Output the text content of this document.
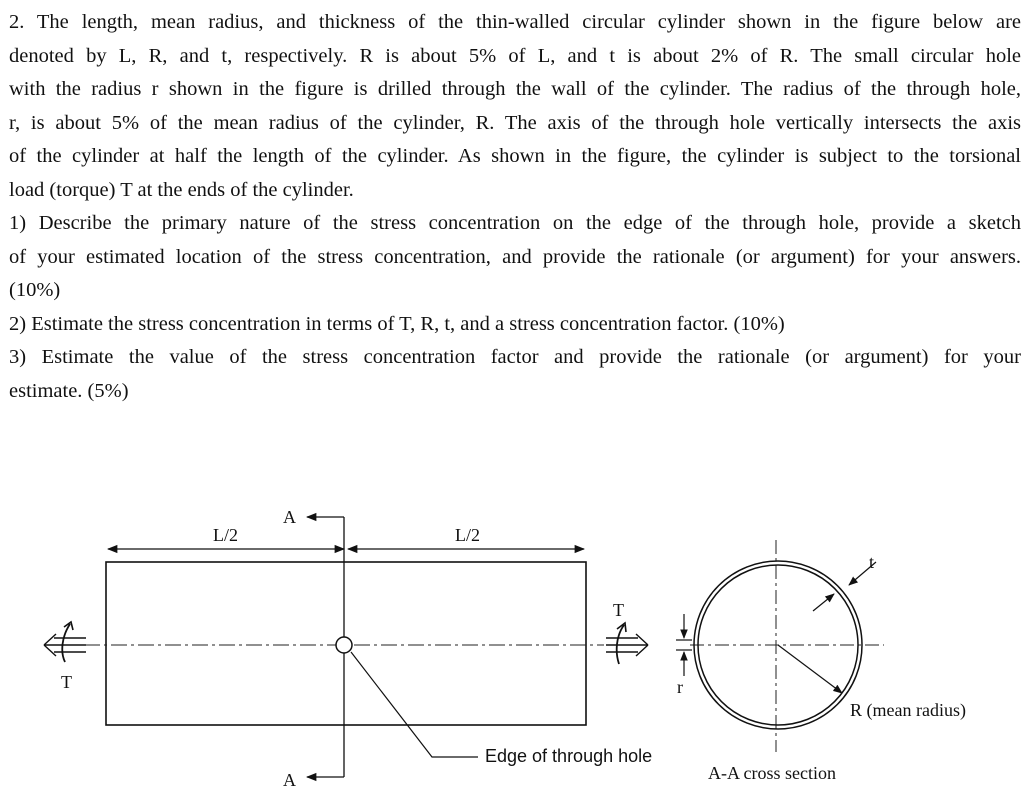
2. The length, mean radius, and thickness of the thin-walled circular cylinder shown in the figure below are
denoted by L, R, and t, respectively. R is about 5% of L, and t is about 2% of R. The small circular hole
with the radius r shown in the figure is drilled through the wall of the cylinder. The radius of the through hole,
r, is about 5% of the mean radius of the cylinder, R. The axis of the through hole vertically intersects the axis
of the cylinder at half the length of the cylinder. As shown in the figure, the cylinder is subject to the torsional
load (torque) T at the ends of the cylinder.
1) Describe the primary nature of the stress concentration on the edge of the through hole, provide a sketch
of your estimated location of the stress concentration, and provide the rationale (or argument) for your answers.
(10%)
2) Estimate the stress concentration in terms of T, R, t, and a stress concentration factor. (10%)
3) Estimate the value of the stress concentration factor and provide the rationale (or argument) for your
estimate. (5%)
L/2	L/2
A
A
Edge of through hole
T
T
r
t
R (mean radius)
A-A cross section
